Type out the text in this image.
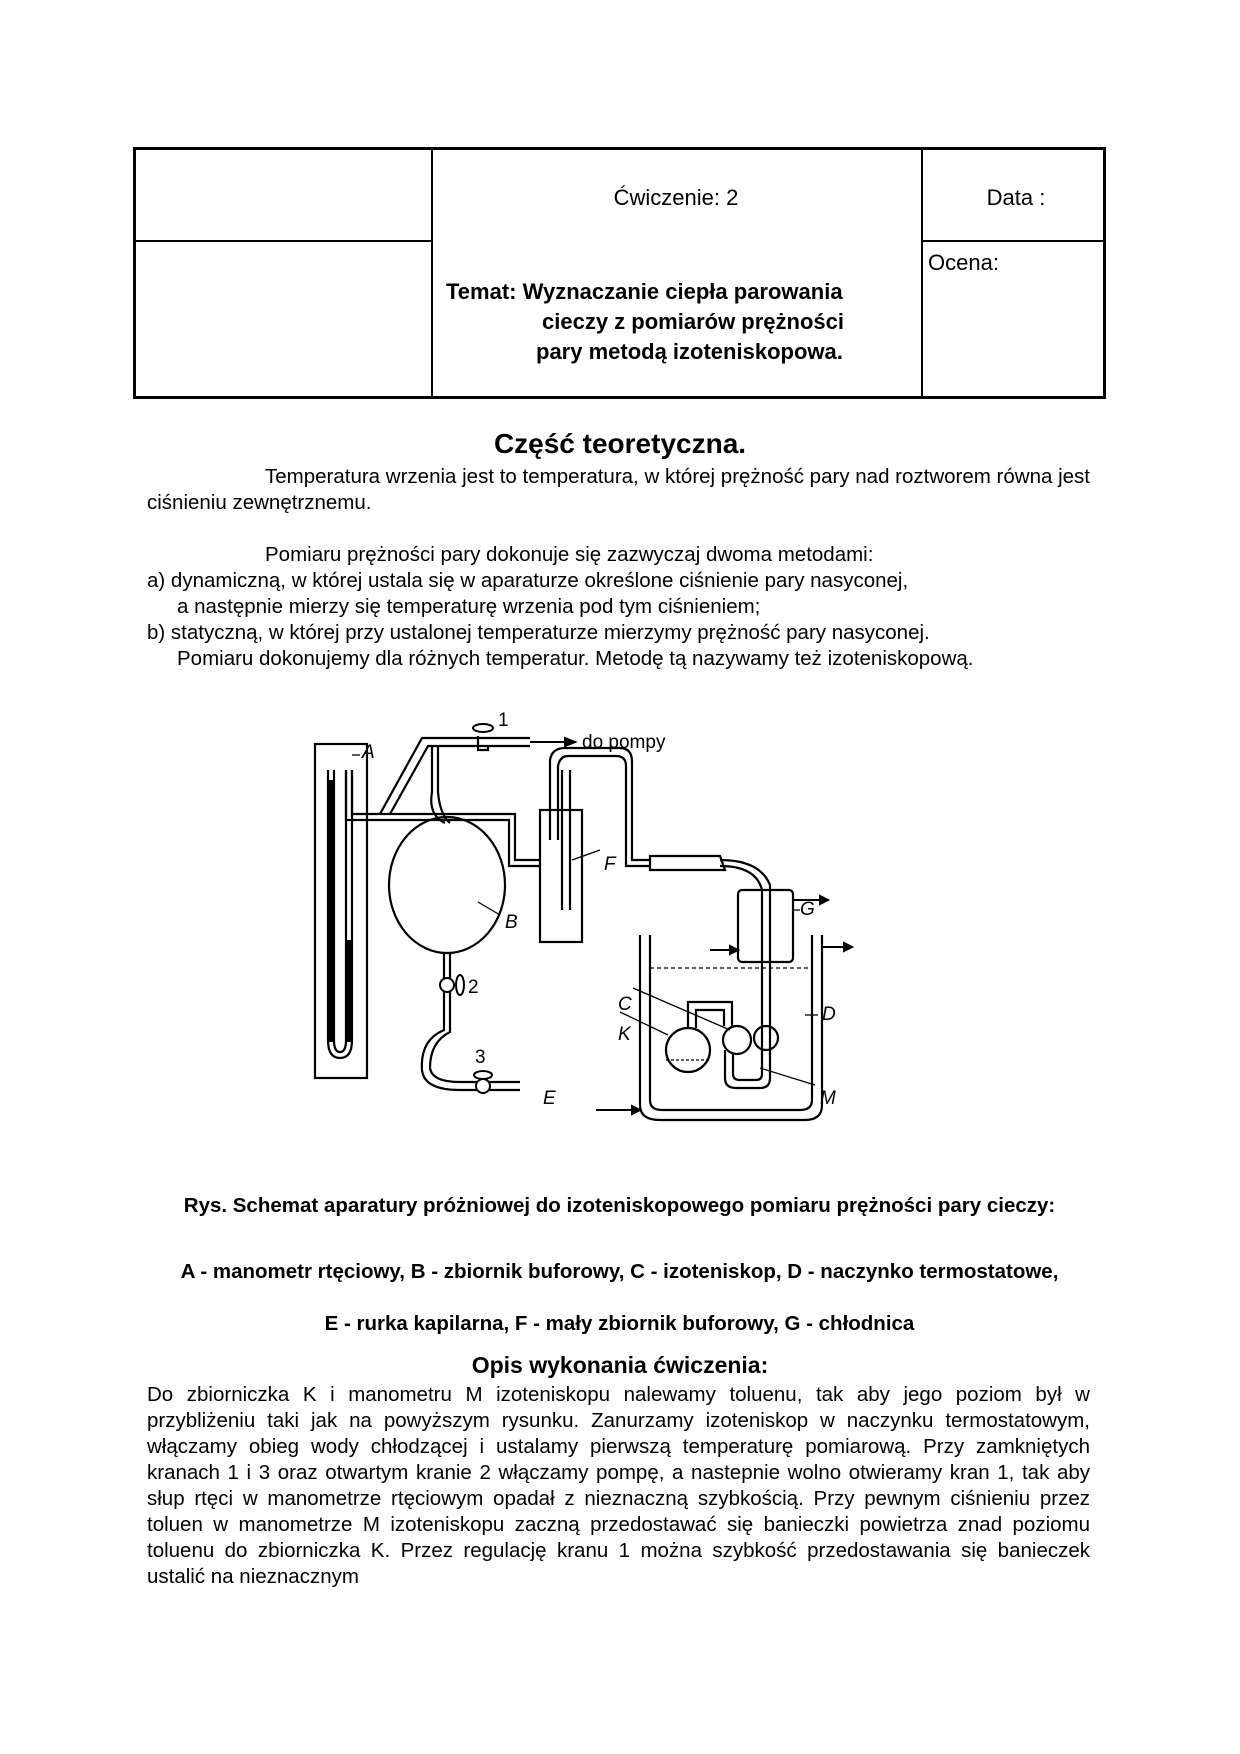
Ćwiczenie: 2	Data :
Ocena:
Temat: Wyznaczanie ciepła parowania
cieczy z pomiarów prężności
pary metodą izoteniskopowa.
Część teoretyczna.
Temperatura wrzenia jest to temperatura, w której prężność pary nad roztworem równa jest ciśnieniu zewnętrznemu.
Pomiaru prężności pary dokonuje się zazwyczaj dwoma metodami:
a) dynamiczną, w której ustala się w aparaturze określone ciśnienie pary nasyconej,
a następnie mierzy się temperaturę wrzenia pod tym ciśnieniem;
b) statyczną, w której przy ustalonej temperaturze mierzymy prężność pary nasyconej.
Pomiaru dokonujemy dla różnych temperatur. Metodę tą nazywamy też izoteniskopową.
A
B
F
G
C
K
D
M
E
1
2
3
do pompy
Rys. Schemat aparatury próżniowej do izoteniskopowego pomiaru prężności pary cieczy:
A - manometr rtęciowy, B - zbiornik buforowy, C - izoteniskop, D - naczynko termostatowe,
E - rurka kapilarna, F - mały zbiornik buforowy, G - chłodnica
Opis wykonania ćwiczenia:
Do zbiorniczka K i manometru M izoteniskopu nalewamy toluenu, tak aby jego poziom był w przybliżeniu taki jak na powyższym rysunku. Zanurzamy izoteniskop w naczynku termostatowym, włączamy obieg wody chłodzącej i ustalamy pierwszą temperaturę pomiarową. Przy zamkniętych kranach 1 i 3 oraz otwartym kranie 2 włączamy pompę, a nastepnie wolno otwieramy kran 1, tak aby słup rtęci w manometrze rtęciowym opadał z nieznaczną szybkością. Przy pewnym ciśnieniu przez toluen w manometrze M izoteniskopu zaczną przedostawać się banieczki powietrza znad poziomu toluenu do zbiorniczka K. Przez regulację kranu 1 można szybkość przedostawania się banieczek ustalić na nieznacznym
